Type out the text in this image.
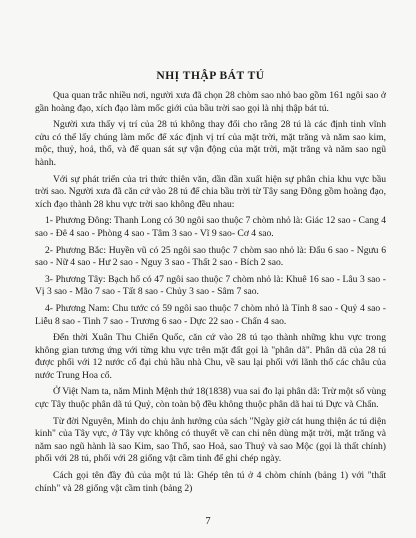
NHỊ THẬP BÁT TÚ

Qua quan trắc nhiều nơi, người xưa đã chọn 28 chòm sao nhỏ bao gồm 161 ngôi sao ở gần hoàng đạo, xích đạo làm mốc giới của bầu trời sao gọi là nhị thập bát tú.

Người xưa thấy vị trí của 28 tú không thay đổi cho rằng 28 tú là các định tinh vĩnh cửu có thể lấy chúng làm mốc để xác định vị trí của mặt trời, mặt trăng và năm sao kim, mộc, thuỷ, hoả, thổ, và để quan sát sự vận động của mặt trời, mặt trăng và năm sao ngũ hành.

Với sự phát triển của tri thức thiên văn, dần dần xuất hiện sự phân chia khu vực bầu trời sao. Người xưa đã căn cứ vào 28 tú để chia bầu trời từ Tây sang Đông gồm hoàng đạo, xích đạo thành 28 khu vực trời sao không đều nhau:

1- Phương Đông: Thanh Long có 30 ngôi sao thuộc 7 chòm nhỏ là: Giác 12 sao - Cang 4 sao - Đê 4 sao - Phòng 4 sao - Tâm 3 sao - Vĩ 9 sao- Cơ 4 sao.

2- Phương Bắc: Huyền vũ có 25 ngôi sao thuộc 7 chòm sao nhỏ là: Đẩu 6 sao - Ngưu 6 sao - Nữ 4 sao - Hư 2 sao - Nguy 3 sao - Thất 2 sao - Bích 2 sao.

3- Phương Tây: Bạch hổ có 47 ngôi sao thuộc 7 chòm nhỏ là: Khuê 16 sao - Lâu 3 sao - Vị 3 sao - Mão 7 sao - Tất 8 sao - Chủy 3 sao - Sâm 7 sao.

4- Phương Nam: Chu tước có 59 ngôi sao thuộc 7 chòm nhỏ là Tỉnh 8 sao - Quỷ 4 sao - Liễu 8 sao - Tinh 7 sao - Trương 6 sao - Dực 22 sao - Chẩn 4 sao.

Đến thời Xuân Thu Chiến Quốc, căn cứ vào 28 tú tạo thành những khu vực trong không gian tương ứng với từng khu vực trên mặt đất gọi là "phân dã". Phân dã của 28 tú được phối với 12 nước cổ đại chủ hầu nhà Chu, về sau lại phối với lãnh thổ các châu của nước Trung Hoa cổ.

Ở Việt Nam ta, năm Minh Mệnh thứ 18(1838) vua sai đo lại phân dã: Trừ một số vùng cực Tây thuộc phân dã tú Quỷ, còn toàn bộ đều không thuộc phân dã hai tú Dực và Chẩn.

Từ đời Nguyên, Minh do chịu ảnh hưởng của sách "Ngày giờ cát hung thiện ác tú diện kinh" của Tây vực, ở Tây vực không có thuyết về can chi nên dùng mặt trời, mặt trăng và năm sao ngũ hành là sao Kim, sao Thổ, sao Hoả, sao Thuỷ và sao Mộc (gọi là thất chính) phối với 28 tú, phối với 28 giống vật cầm tinh để ghi chép ngày.

Cách gọi tên đầy đủ của một tú là: Ghép tên tú ở 4 chòm chính (bảng 1) với "thất chính" và 28 giống vật cầm tinh (bảng 2)

7
